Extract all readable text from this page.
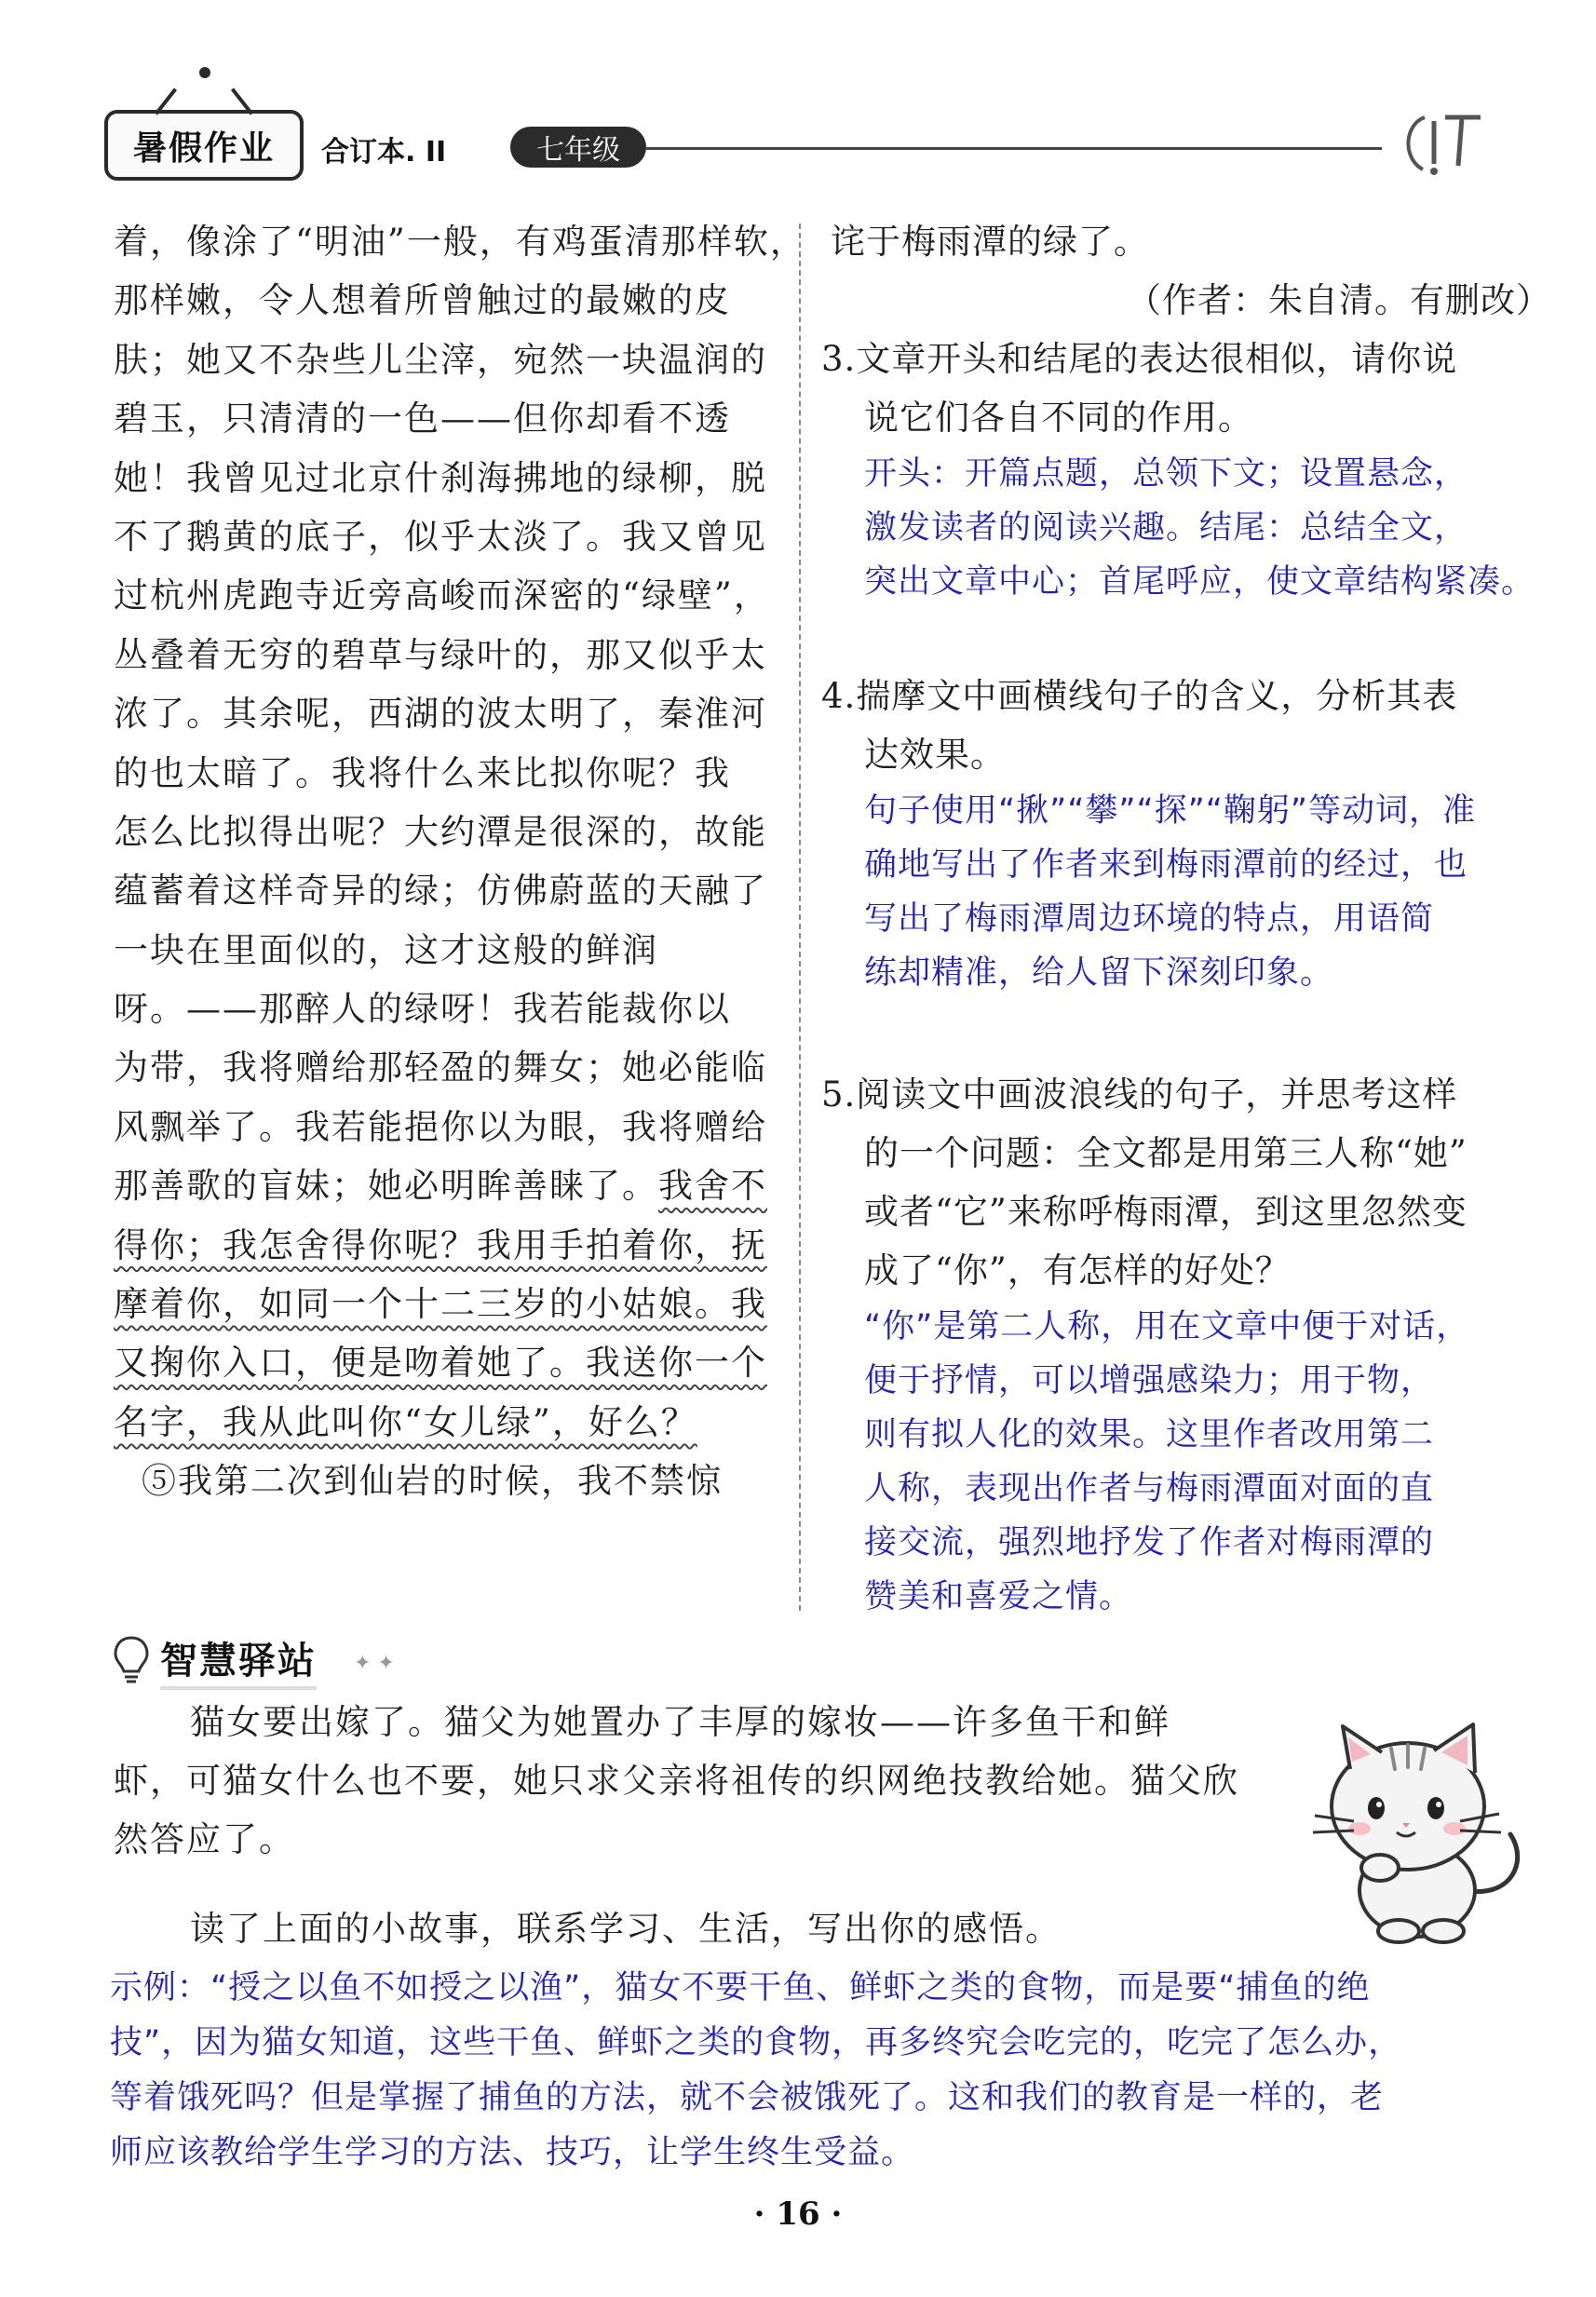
暑假作业 合订本. II	七年级
着，像涂了“明油”一般，有鸡蛋清那样软，
那样嫩，令人想着所曾触过的最嫩的皮
肤；她又不杂些儿尘滓，宛然一块温润的
碧玉，只清清的一色——但你却看不透
她！我曾见过北京什刹海拂地的绿柳，脱
不了鹅黄的底子，似乎太淡了。我又曾见
过杭州虎跑寺近旁高峻而深密的“绿壁”，
丛叠着无穷的碧草与绿叶的，那又似乎太
浓了。其余呢，西湖的波太明了，秦淮河
的也太暗了。我将什么来比拟你呢？我
怎么比拟得出呢？大约潭是很深的，故能
蕴蓄着这样奇异的绿；仿佛蔚蓝的天融了
一块在里面似的，这才这般的鲜润
呀。——那醉人的绿呀！我若能裁你以
为带，我将赠给那轻盈的舞女；她必能临
风飘举了。我若能挹你以为眼，我将赠给
那善歌的盲妹；她必明眸善睐了。我舍不
得你；我怎舍得你呢？我用手拍着你，抚
摩着你，如同一个十二三岁的小姑娘。我
又掬你入口，便是吻着她了。我送你一个
名字，我从此叫你“女儿绿”，好么？
⑤我第二次到仙岩的时候，我不禁惊
诧于梅雨潭的绿了。
（作者：朱自清。有删改）
3.文章开头和结尾的表达很相似，请你说
说它们各自不同的作用。
开头：开篇点题，总领下文；设置悬念，
激发读者的阅读兴趣。结尾：总结全文，
突出文章中心；首尾呼应，使文章结构紧凑。
4.揣摩文中画横线句子的含义，分析其表
达效果。
句子使用“揪”“攀”“探”“鞠躬”等动词，准
确地写出了作者来到梅雨潭前的经过，也
写出了梅雨潭周边环境的特点，用语简
练却精准，给人留下深刻印象。
5.阅读文中画波浪线的句子，并思考这样
的一个问题：全文都是用第三人称“她”
或者“它”来称呼梅雨潭，到这里忽然变
成了“你”，有怎样的好处？
“你”是第二人称，用在文章中便于对话，
便于抒情，可以增强感染力；用于物，
则有拟人化的效果。这里作者改用第二
人称，表现出作者与梅雨潭面对面的直
接交流，强烈地抒发了作者对梅雨潭的
赞美和喜爱之情。
智慧驿站 ✦ ✦
猫女要出嫁了。猫父为她置办了丰厚的嫁妆——许多鱼干和鲜
虾，可猫女什么也不要，她只求父亲将祖传的织网绝技教给她。猫父欣
然答应了。
读了上面的小故事，联系学习、生活，写出你的感悟。
示例：“授之以鱼不如授之以渔”，猫女不要干鱼、鲜虾之类的食物，而是要“捕鱼的绝
技”，因为猫女知道，这些干鱼、鲜虾之类的食物，再多终究会吃完的，吃完了怎么办，
等着饿死吗？但是掌握了捕鱼的方法，就不会被饿死了。这和我们的教育是一样的，老
师应该教给学生学习的方法、技巧，让学生终生受益。
· 16 ·
